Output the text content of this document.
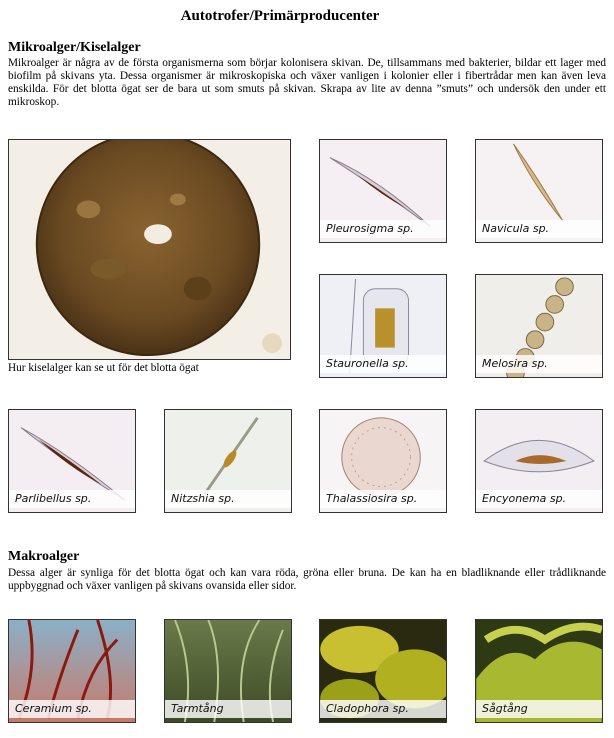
Autotrofer/Primärproducenter
Mikroalger/Kiselalger
Mikroalger är några av de första organismerna som börjar kolonisera skivan. De, tillsammans med bakterier, bildar ett lager med biofilm på skivans yta. Dessa organismer är mikroskopiska och växer vanligen i kolonier eller i fibertrådar men kan även leva enskilda. För det blotta ögat ser de bara ut som smuts på skivan. Skrapa av lite av denna ”smuts” och undersök den under ett mikroskop.
Hur kiselalger kan se ut för det blotta ögat
Pleurosigma sp.	Navicula sp.
Stauronella sp.	Melosira sp.
Parlibellus sp.	Nitzshia sp.	Thalassiosira sp.	Encyonema sp.
Makroalger
Dessa alger är synliga för det blotta ögat och kan vara röda, gröna eller bruna. De kan ha en bladliknande eller trådliknande uppbyggnad och växer vanligen på skivans ovansida eller sidor.
Ceramium sp.	Tarmtång	Cladophora sp.	Sågtång
